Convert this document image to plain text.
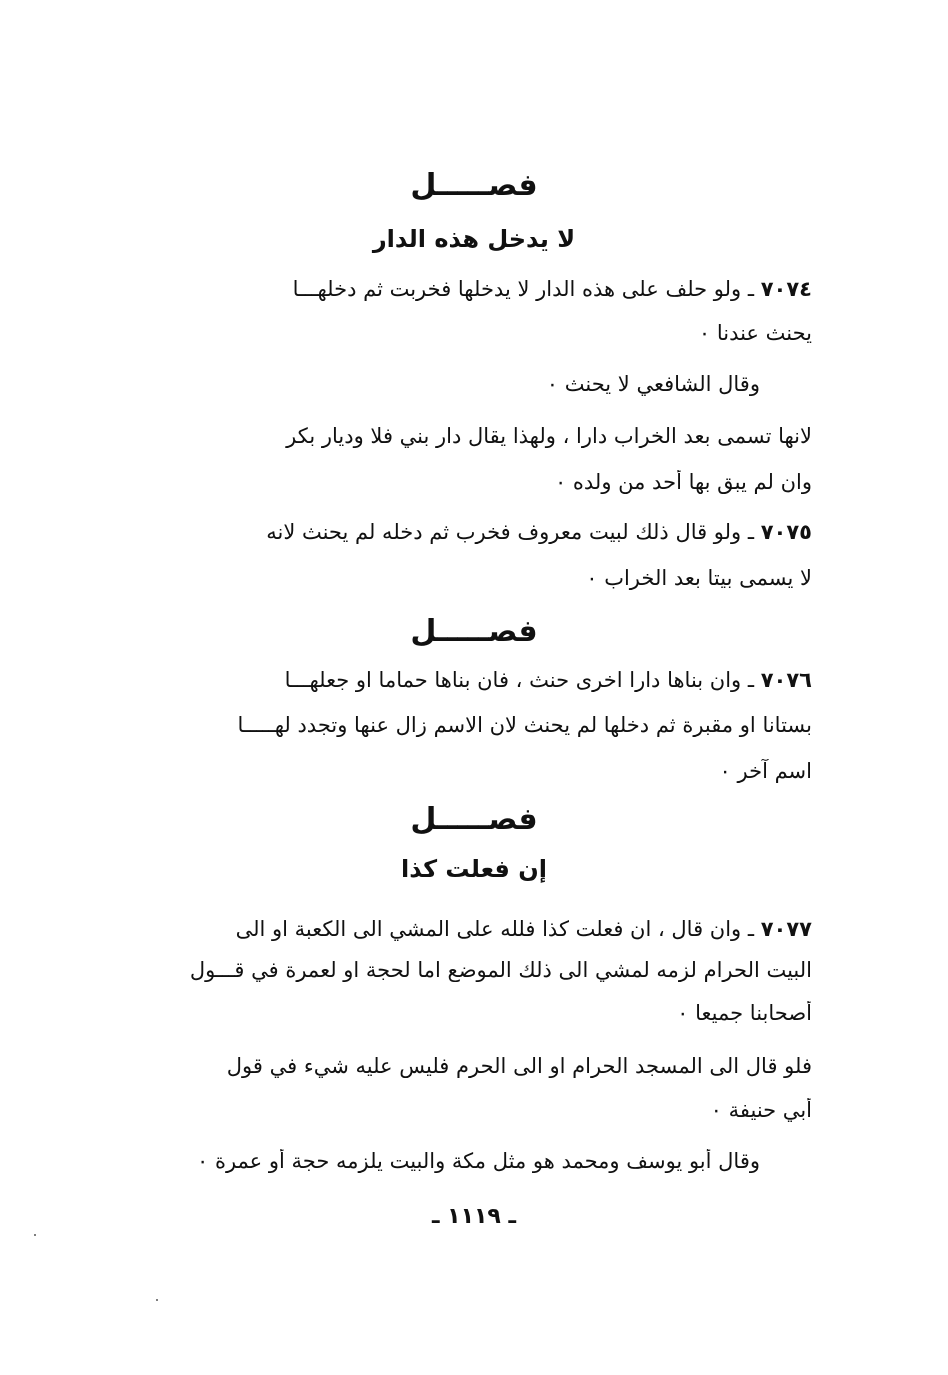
فصـــــل
لا يدخل هذه الدار
٧٠٧٤ ـ ولو حلف على هذه الدار لا يدخلها فخربت ثم دخلهـــا
يحنث عندنا ٠
وقال الشافعي لا يحنث ٠
لانها تسمى بعد الخراب دارا ، ولهذا يقال دار بني فلا وديار بكر
وان لم يبق بها أحد من ولده ٠
٧٠٧٥ ـ ولو قال ذلك لبيت معروف فخرب ثم دخله لم يحنث لانه
لا يسمى بيتا بعد الخراب ٠
فصـــــل
٧٠٧٦ ـ وان بناها دارا اخرى حنث ، فان بناها حماما او جعلهـــا
بستانا او مقبرة ثم دخلها لم يحنث لان الاسم زال عنها وتجدد لهـــــا
اسم آخر ٠
فصـــــل
إن فعلت كذا
٧٠٧٧ ـ وان قال ، ان فعلت كذا فلله على المشي الى الكعبة او الى
البيت الحرام لزمه لمشي الى ذلك الموضع اما لحجة او لعمرة في قـــول
أصحابنا جميعا ٠
فلو قال الى المسجد الحرام او الى الحرم فليس عليه شيء في قول
أبي حنيفة ٠
وقال أبو يوسف ومحمد هو مثل مكة والبيت يلزمه حجة أو عمرة ٠
ـ ١١١٩ ـ
